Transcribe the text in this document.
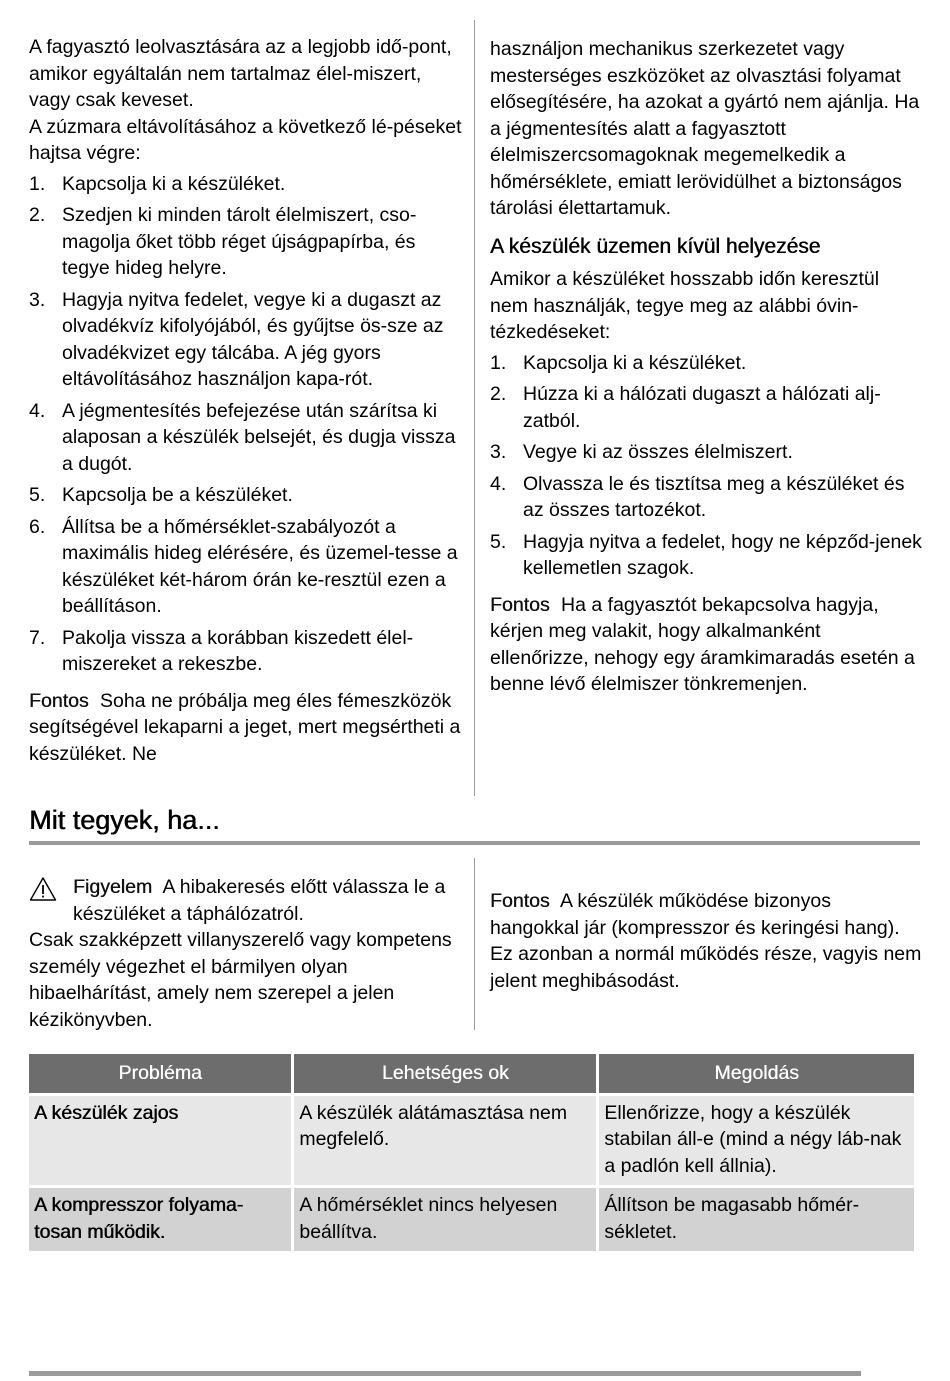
A fagyasztó leolvasztására az a legjobb idő-pont, amikor egyáltalán nem tartalmaz élel-miszert, vagy csak keveset.

A zúzmara eltávolításához a következő lé-péseket hajtsa végre:

1. Kapcsolja ki a készüléket.
2. Szedjen ki minden tárolt élelmiszert, cso-magolja őket több réget újságpapírba, és tegye hideg helyre.
3. Hagyja nyitva fedelet, vegye ki a dugaszt az olvadékvíz kifolyójából, és gyűjtse ös-sze az olvadékvizet egy tálcába. A jég gyors eltávolításához használjon kapa-rót.
4. A jégmentesítés befejezése után szárítsa ki alaposan a készülék belsejét, és dugja vissza a dugót.
5. Kapcsolja be a készüléket.
6. Állítsa be a hőmérséklet-szabályozót a maximális hideg elérésére, és üzemel-tesse a készüléket két-három órán ke-resztül ezen a beállításon.
7. Pakolja vissza a korábban kiszedett élel-miszereket a rekeszbe.

Fontos Soha ne próbálja meg éles fémeszközök segítségével lekaparni a jeget, mert megsértheti a készüléket. Ne

használjon mechanikus szerkezetet vagy mesterséges eszközöket az olvasztási folyamat elősegítésére, ha azokat a gyártó nem ajánlja. Ha a jégmentesítés alatt a fagyasztott élelmiszercsomagoknak megemelkedik a hőmérséklete, emiatt lerövidülhet a biztonságos tárolási élettartamuk.

A készülék üzemen kívül helyezése

Amikor a készüléket hosszabb időn keresztül nem használják, tegye meg az alábbi óvin-tézkedéseket:

1. Kapcsolja ki a készüléket.
2. Húzza ki a hálózati dugaszt a hálózati alj-zatból.
3. Vegye ki az összes élelmiszert.
4. Olvassza le és tisztítsa meg a készüléket és az összes tartozékot.
5. Hagyja nyitva a fedelet, hogy ne képződ-jenek kellemetlen szagok.

Fontos Ha a fagyasztót bekapcsolva hagyja, kérjen meg valakit, hogy alkalmanként ellenőrizze, nehogy egy áramkimaradás esetén a benne lévő élelmiszer tönkremenjen.

Mit tegyek, ha...
Figyelem A hibakeresés előtt válassza le a készüléket a táphálózatról.

Csak szakképzett villanyszerelő vagy kompetens személy végezhet el bármilyen olyan hibaelhárítást, amely nem szerepel a jelen kézikönyvben.

Fontos A készülék működése bizonyos hangokkal jár (kompresszor és keringési hang). Ez azonban a normál működés része, vagyis nem jelent meghibásodást.

Probléma	Lehetséges ok	Megoldás
A készülék zajos	A készülék alátámasztása nem megfelelő.	Ellenőrizze, hogy a készülék stabilan áll-e (mind a négy láb-nak a padlón kell állnia).
A kompresszor folyama-tosan működik.	A hőmérséklet nincs helyesen beállítva.	Állítson be magasabb hőmér-sékletet.
